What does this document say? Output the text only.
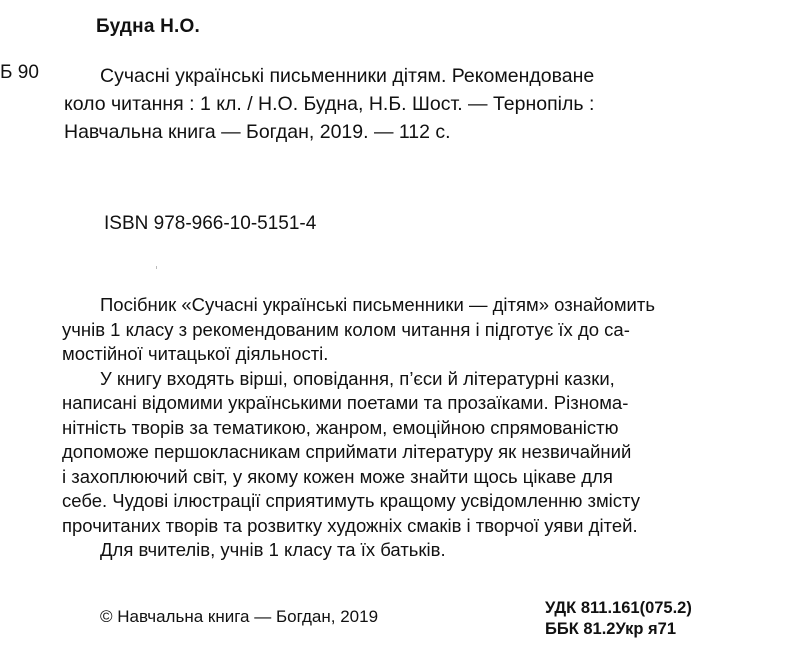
Будна Н.О.
Б 90	Сучасні українські письменники дітям. Рекомендоване
коло читання : 1 кл. / Н.О. Будна, Н.Б. Шост. — Тернопіль :
Навчальна книга — Богдан, 2019. — 112 с.
ISBN 978-966-10-5151-4
Посібник «Сучасні українські письменники — дітям» ознайомить
учнів 1 класу з рекомендованим колом читання і підготує їх до са-
мостійної читацької діяльності.
У книгу входять вірші, оповідання, п’єси й літературні казки,
написані відомими українськими поетами та прозаїками. Різнома-
нітність творів за тематикою, жанром, емоційною спрямованістю
допоможе першокласникам сприймати літературу як незвичайний
і захоплюючий світ, у якому кожен може знайти щось цікаве для
себе. Чудові ілюстрації сприятимуть кращому усвідомленню змісту
прочитаних творів та розвитку художніх смаків і творчої уяви дітей.
Для вчителів, учнів 1 класу та їх батьків.
© Навчальна книга — Богдан, 2019	УДК 811.161(075.2)
ББК 81.2Укр я71
